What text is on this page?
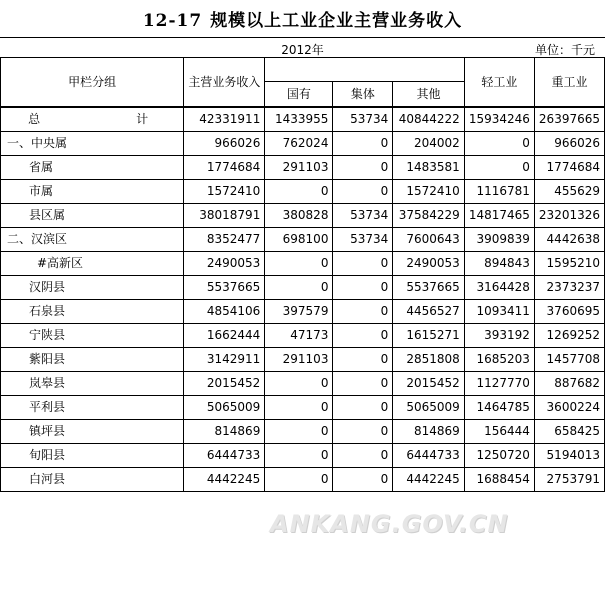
12-17 规模以上工业企业主营业务收入
2012年	单位：千元
甲栏分组	主营业务收入				轻工业	重工业
		国有	集体	其他		
总　　计	42331911	1433955	53734	40844222	15934246	26397665
一、中央属	966026	762024	0	204002	0	966026
省属	1774684	291103	0	1483581	0	1774684
市属	1572410	0	0	1572410	1116781	455629
县区属	38018791	380828	53734	37584229	14817465	23201326
二、汉滨区	8352477	698100	53734	7600643	3909839	4442638
#高新区	2490053	0	0	2490053	894843	1595210
汉阴县	5537665	0	0	5537665	3164428	2373237
石泉县	4854106	397579	0	4456527	1093411	3760695
宁陕县	1662444	47173	0	1615271	393192	1269252
紫阳县	3142911	291103	0	2851808	1685203	1457708
岚皋县	2015452	0	0	2015452	1127770	887682
平利县	5065009	0	0	5065009	1464785	3600224
镇坪县	814869	0	0	814869	156444	658425
旬阳县	6444733	0	0	6444733	1250720	5194013
白河县	4442245	0	0	4442245	1688454	2753791
ANKANG.GOV.CN
